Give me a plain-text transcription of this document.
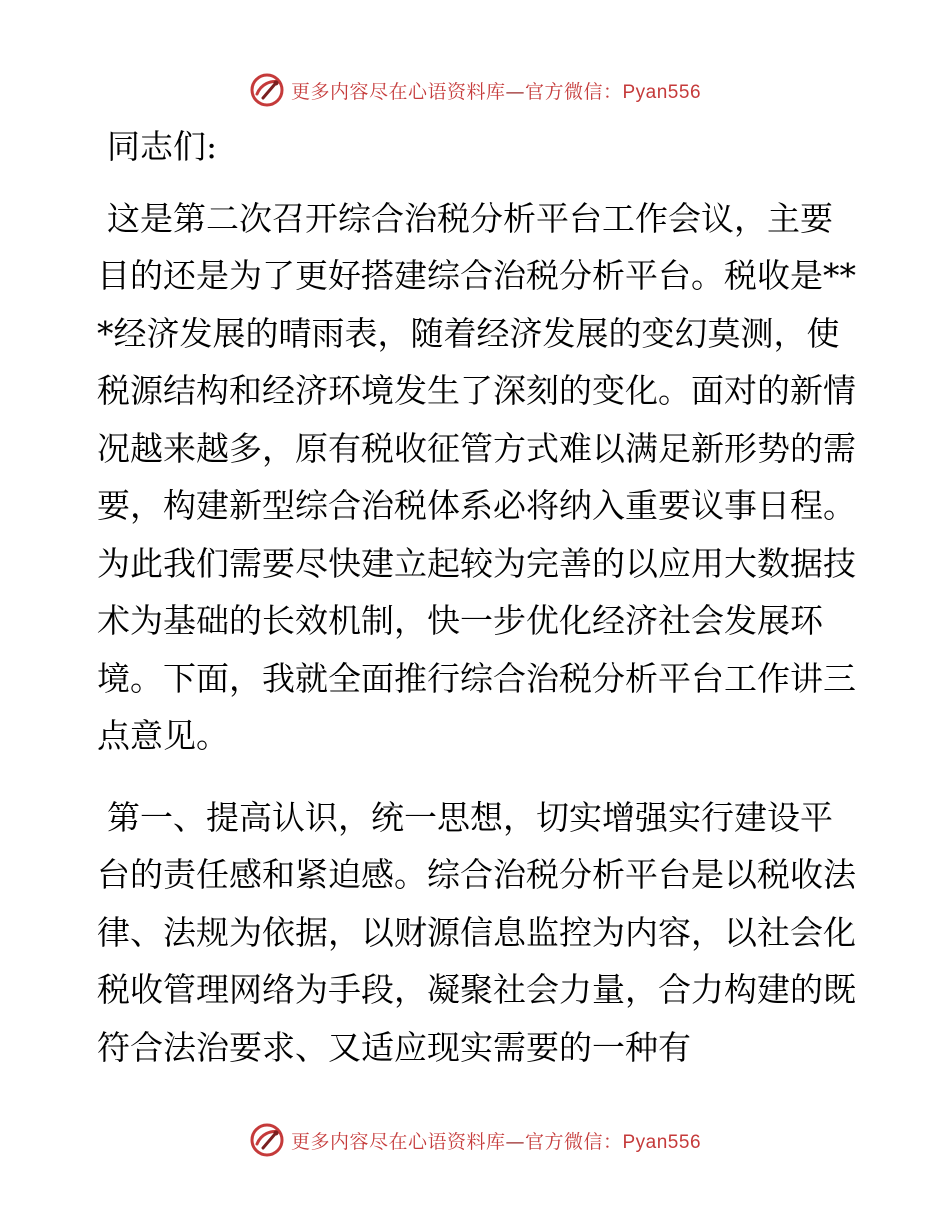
更多内容尽在心语资料库—官方微信：Pyan556

同志们:

这是第二次召开综合治税分析平台工作会议，主要目的还是为了更好搭建综合治税分析平台。税收是***经济发展的晴雨表，随着经济发展的变幻莫测，使税源结构和经济环境发生了深刻的变化。面对的新情况越来越多，原有税收征管方式难以满足新形势的需要，构建新型综合治税体系必将纳入重要议事日程。 为此我们需要尽快建立起较为完善的以应用大数据技术为基础的长效机制，快一步优化经济社会发展环境。下面，我就全面推行综合治税分析平台工作讲三点意见。

第一、提高认识，统一思想，切实增强实行建设平台的责任感和紧迫感。综合治税分析平台是以税收法律、法规为依据，以财源信息监控为内容，以社会化税收管理网络为手段，凝聚社会力量，合力构建的既符合法治要求、又适应现实需要的一种有

更多内容尽在心语资料库—官方微信：Pyan556
